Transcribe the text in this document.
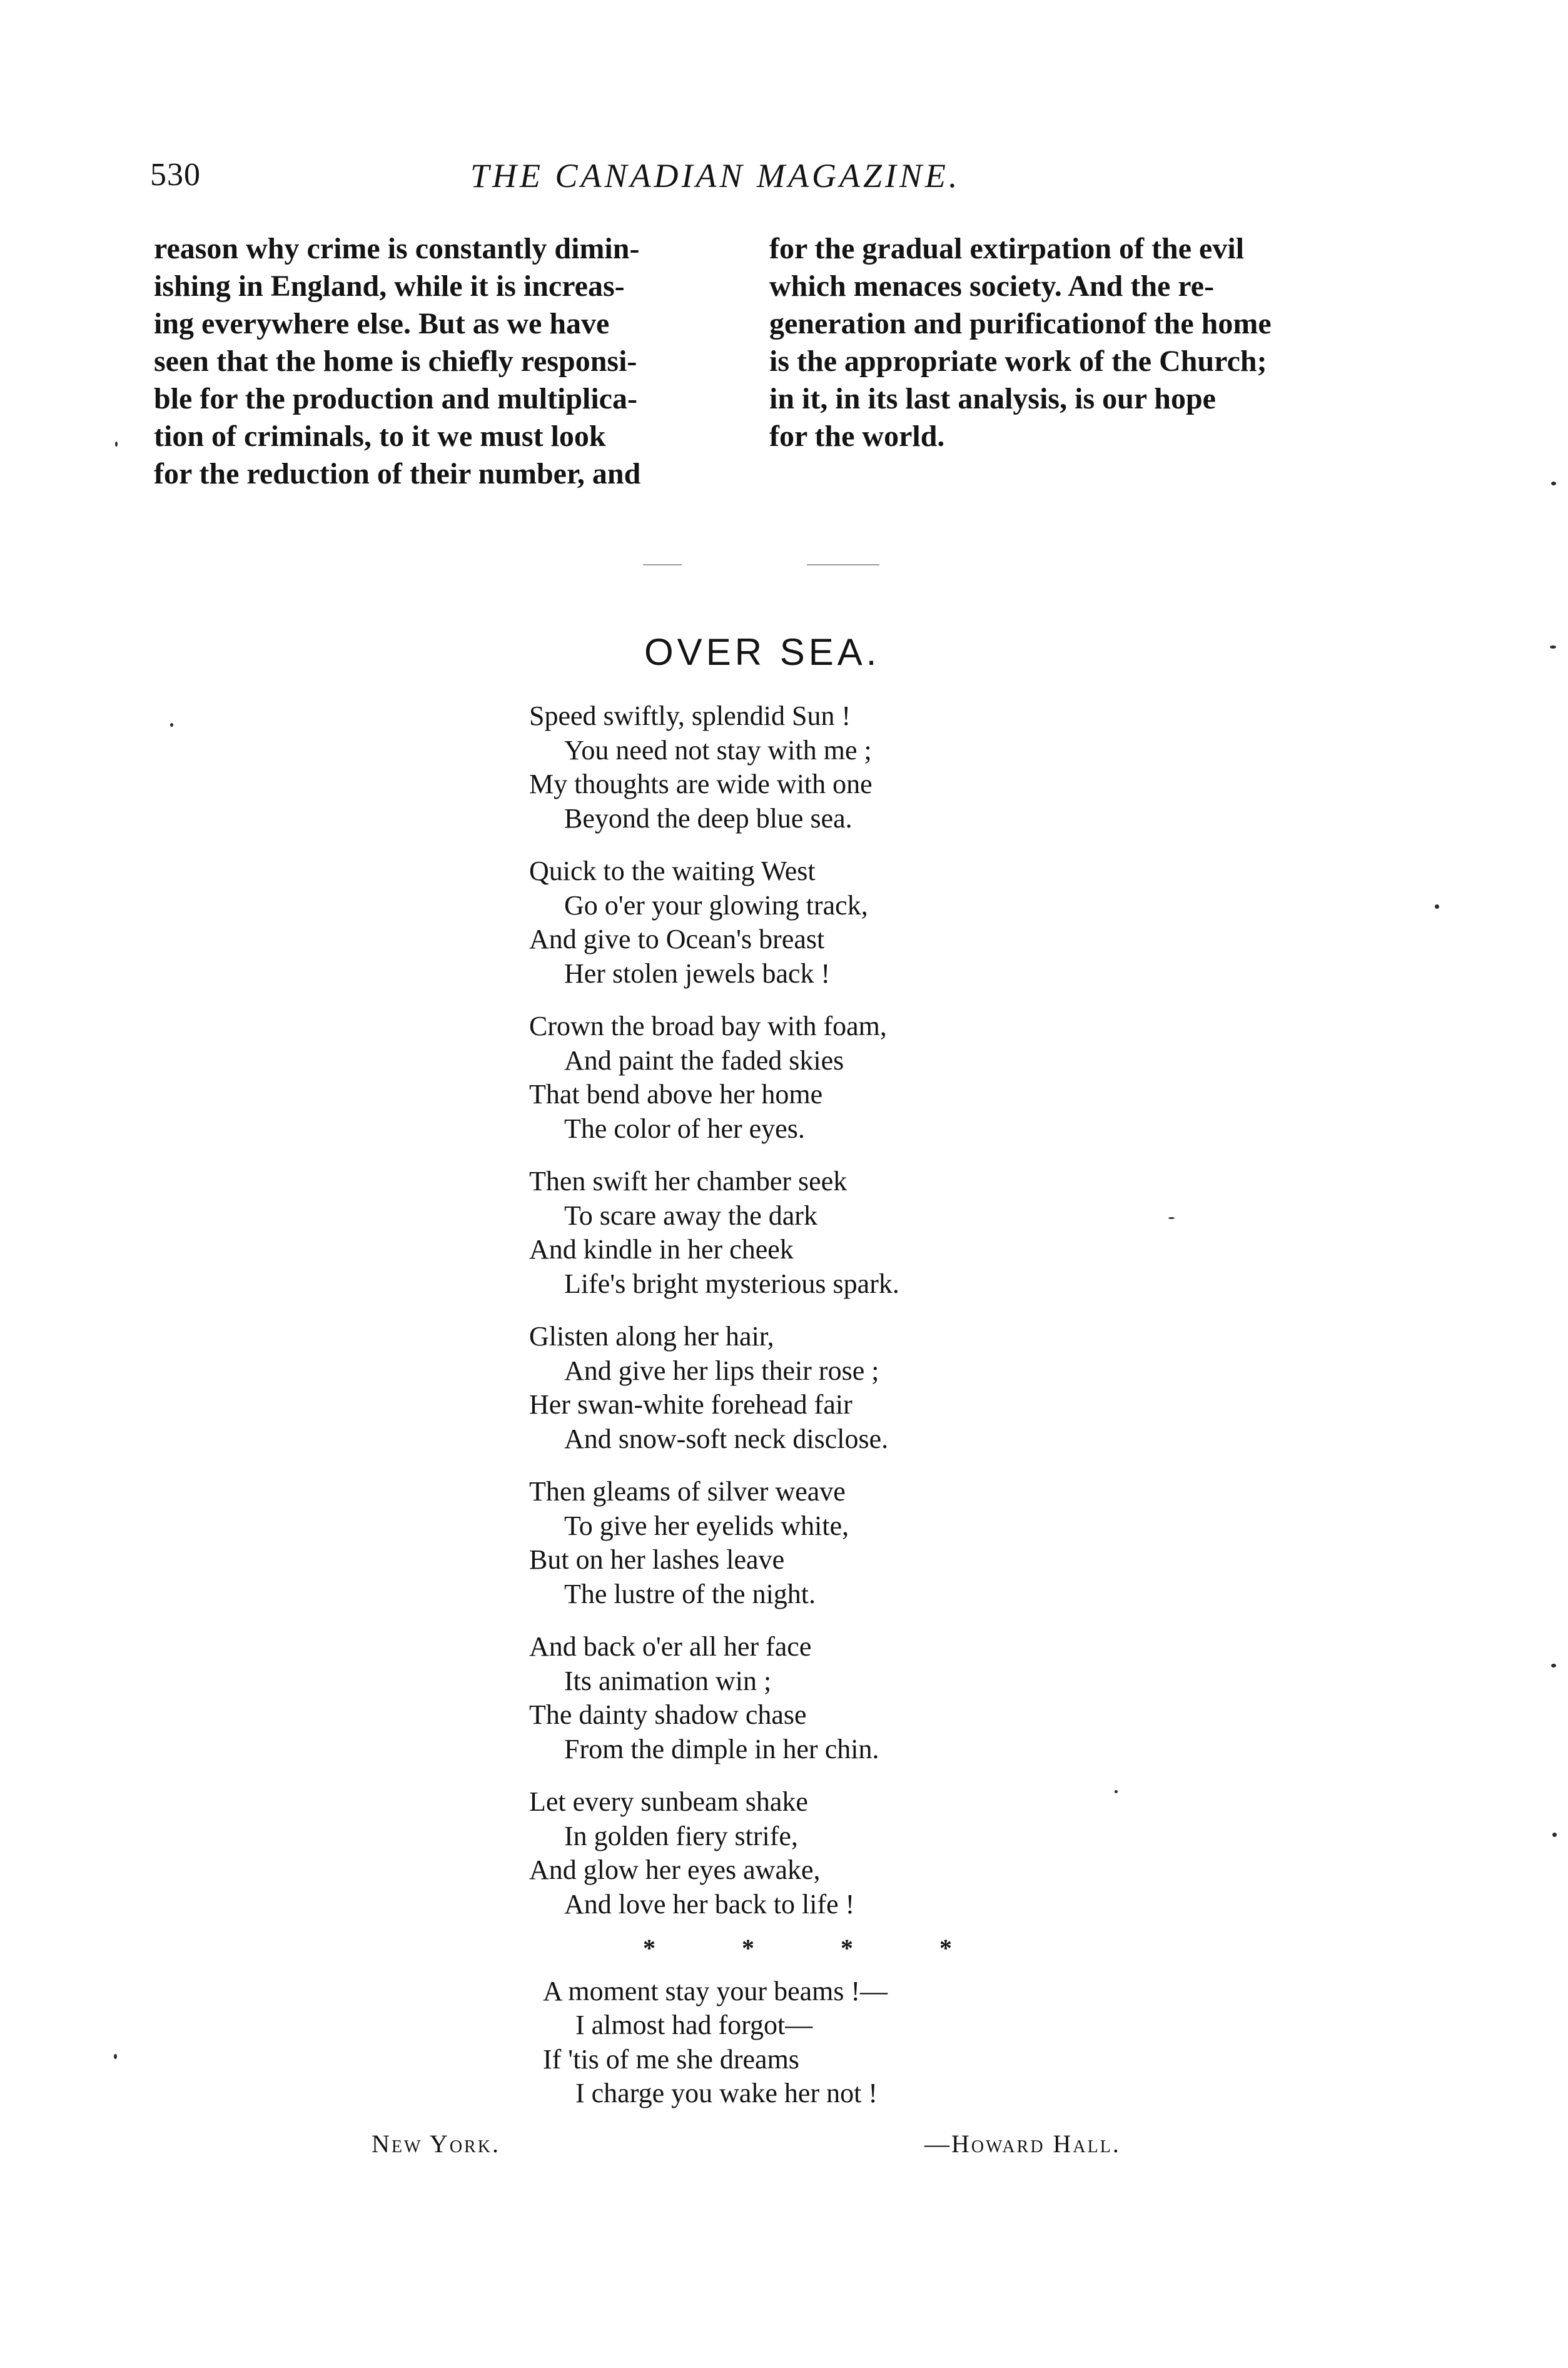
530	THE CANADIAN MAGAZINE.
reason why crime is constantly dimin-
ishing in England, while it is increas-
ing everywhere else. But as we have
seen that the home is chiefly responsi-
ble for the production and multiplica-
tion of criminals, to it we must look
for the reduction of their number, and
for the gradual extirpation of the evil
which menaces society. And the re-
generation and purificationof the home
is the appropriate work of the Church;
in it, in its last analysis, is our hope
for the world.
OVER SEA.
Speed swiftly, splendid Sun !
You need not stay with me ;
My thoughts are wide with one
Beyond the deep blue sea.
Quick to the waiting West
Go o'er your glowing track,
And give to Ocean's breast
Her stolen jewels back !
Crown the broad bay with foam,
And paint the faded skies
That bend above her home
The color of her eyes.
Then swift her chamber seek
To scare away the dark
And kindle in her cheek
Life's bright mysterious spark.
Glisten along her hair,
And give her lips their rose ;
Her swan-white forehead fair
And snow-soft neck disclose.
Then gleams of silver weave
To give her eyelids white,
But on her lashes leave
The lustre of the night.
And back o'er all her face
Its animation win ;
The dainty shadow chase
From the dimple in her chin.
Let every sunbeam shake
In golden fiery strife,
And glow her eyes awake,
And love her back to life !
* * * *
A moment stay your beams !—
I almost had forgot—
If 'tis of me she dreams
I charge you wake her not !
New York.	—Howard Hall.
